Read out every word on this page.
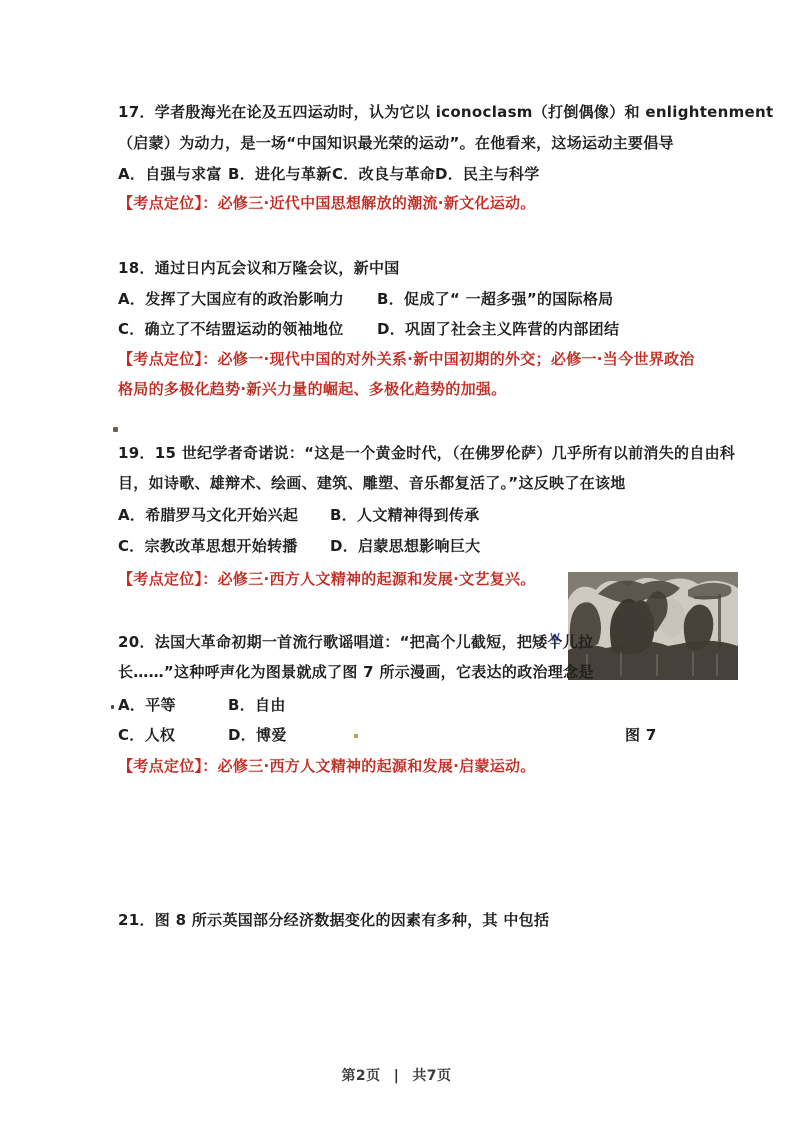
17．学者殷海光在论及五四运动时，认为它以 iconoclasm（打倒偶像）和 enlightenment
（启蒙）为动力，是一场“中国知识最光荣的运动”。在他看来，这场运动主要倡导
A．自强与求富 B．进化与革新 C．改良与革命 D．民主与科学
【考点定位】：必修三·近代中国思想解放的潮流·新文化运动。
18．通过日内瓦会议和万隆会议，新中国
A．发挥了大国应有的政治影响力 B．促成了“ 一超多强”的国际格局
C．确立了不结盟运动的领袖地位 D．巩固了社会主义阵营的内部团结
【考点定位】：必修一·现代中国的对外关系·新中国初期的外交；必修一·当今世界政治
格局的多极化趋势·新兴力量的崛起、多极化趋势的加强。
19．15 世纪学者奇诺说：“这是一个黄金时代，（在佛罗伦萨）几乎所有以前消失的自由科
目，如诗歌、雄辩术、绘画、建筑、雕塑、音乐都复活了。”这反映了在该地
A．希腊罗马文化开始兴起 B．人文精神得到传承
C．宗教改革思想开始转播 D．启蒙思想影响巨大
【考点定位】：必修三·西方人文精神的起源和发展·文艺复兴。
20．法国大革命初期一首流行歌谣唱道：“把高个儿截短，把矮个儿拉
长……”这种呼声化为图景就成了图 7 所示漫画，它表达的政治理念是
A．平等	B．自由
C．人权	D．博爱	图 7
【考点定位】：必修三·西方人文精神的起源和发展·启蒙运动。
21．图 8 所示英国部分经济数据变化的因素有多种，其 中包括
第2页 | 共7页
